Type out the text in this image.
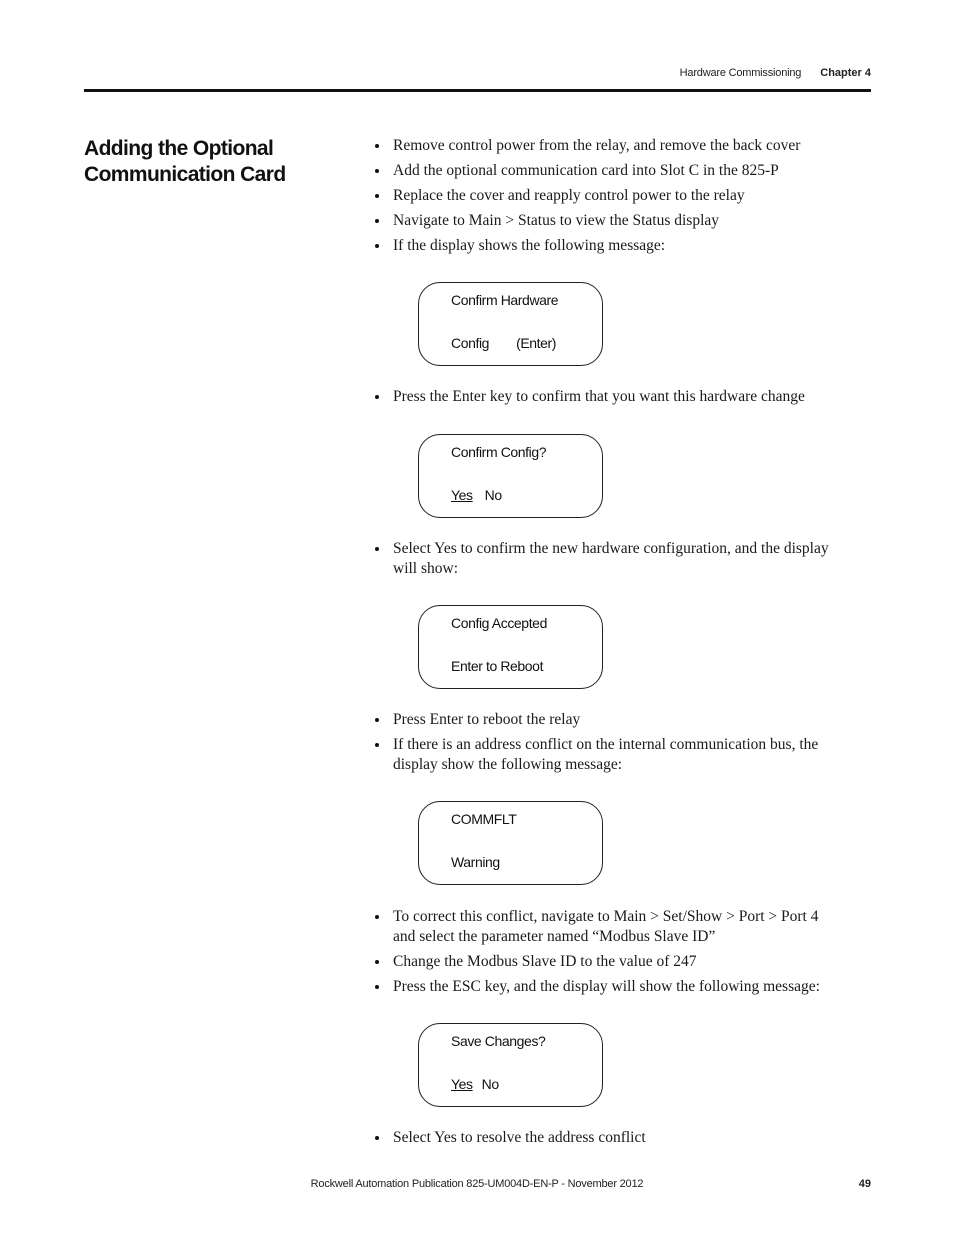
Hardware Commissioning Chapter 4
Adding the Optional Communication Card
Remove control power from the relay, and remove the back cover
Add the optional communication card into Slot C in the 825-P
Replace the cover and reapply control power to the relay
Navigate to Main > Status to view the Status display
If the display shows the following message:
Confirm Hardware
Config (Enter)
Press the Enter key to confirm that you want this hardware change
Confirm Config?
Yes No
Select Yes to confirm the new hardware configuration, and the display will show:
Config Accepted
Enter to Reboot
Press Enter to reboot the relay
If there is an address conflict on the internal communication bus, the display show the following message:
COMMFLT
Warning
To correct this conflict, navigate to Main > Set/Show > Port > Port 4 and select the parameter named “Modbus Slave ID”
Change the Modbus Slave ID to the value of 247
Press the ESC key, and the display will show the following message:
Save Changes?
Yes No
Select Yes to resolve the address conflict
Rockwell Automation Publication 825-UM004D-EN-P - November 2012	49
